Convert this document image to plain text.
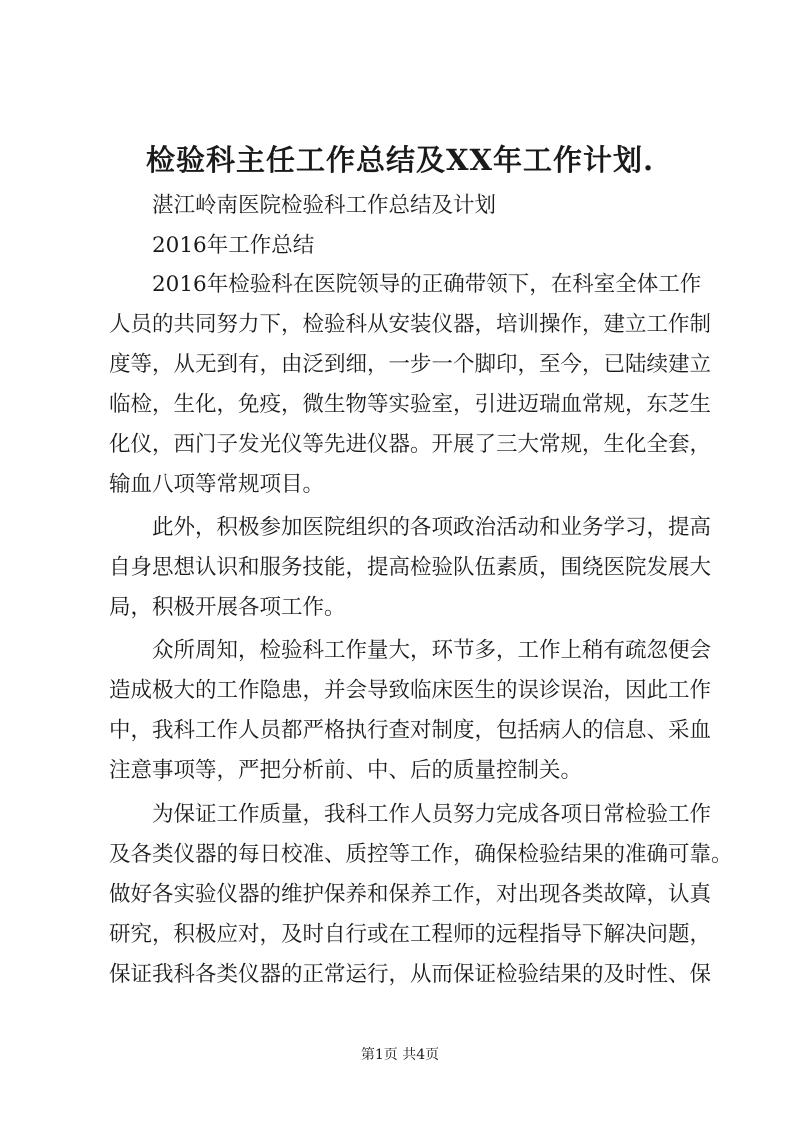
检验科主任工作总结及XX年工作计划.
　　湛江岭南医院检验科工作总结及计划
　　2016年工作总结
　　2016年检验科在医院领导的正确带领下，在科室全体工作
人员的共同努力下，检验科从安装仪器，培训操作，建立工作制
度等，从无到有，由泛到细，一步一个脚印，至今，已陆续建立
临检，生化，免疫，微生物等实验室，引进迈瑞血常规，东芝生
化仪，西门子发光仪等先进仪器。开展了三大常规，生化全套，
输血八项等常规项目。
　　此外，积极参加医院组织的各项政治活动和业务学习，提高
自身思想认识和服务技能，提高检验队伍素质，围绕医院发展大
局，积极开展各项工作。
　　众所周知，检验科工作量大，环节多，工作上稍有疏忽便会
造成极大的工作隐患，并会导致临床医生的误诊误治，因此工作
中，我科工作人员都严格执行查对制度，包括病人的信息、采血
注意事项等，严把分析前、中、后的质量控制关。
　　为保证工作质量，我科工作人员努力完成各项日常检验工作
及各类仪器的每日校准、质控等工作，确保检验结果的准确可靠。
做好各实验仪器的维护保养和保养工作，对出现各类故障，认真
研究，积极应对，及时自行或在工程师的远程指导下解决问题，
保证我科各类仪器的正常运行，从而保证检验结果的及时性、保
第1页 共4页
